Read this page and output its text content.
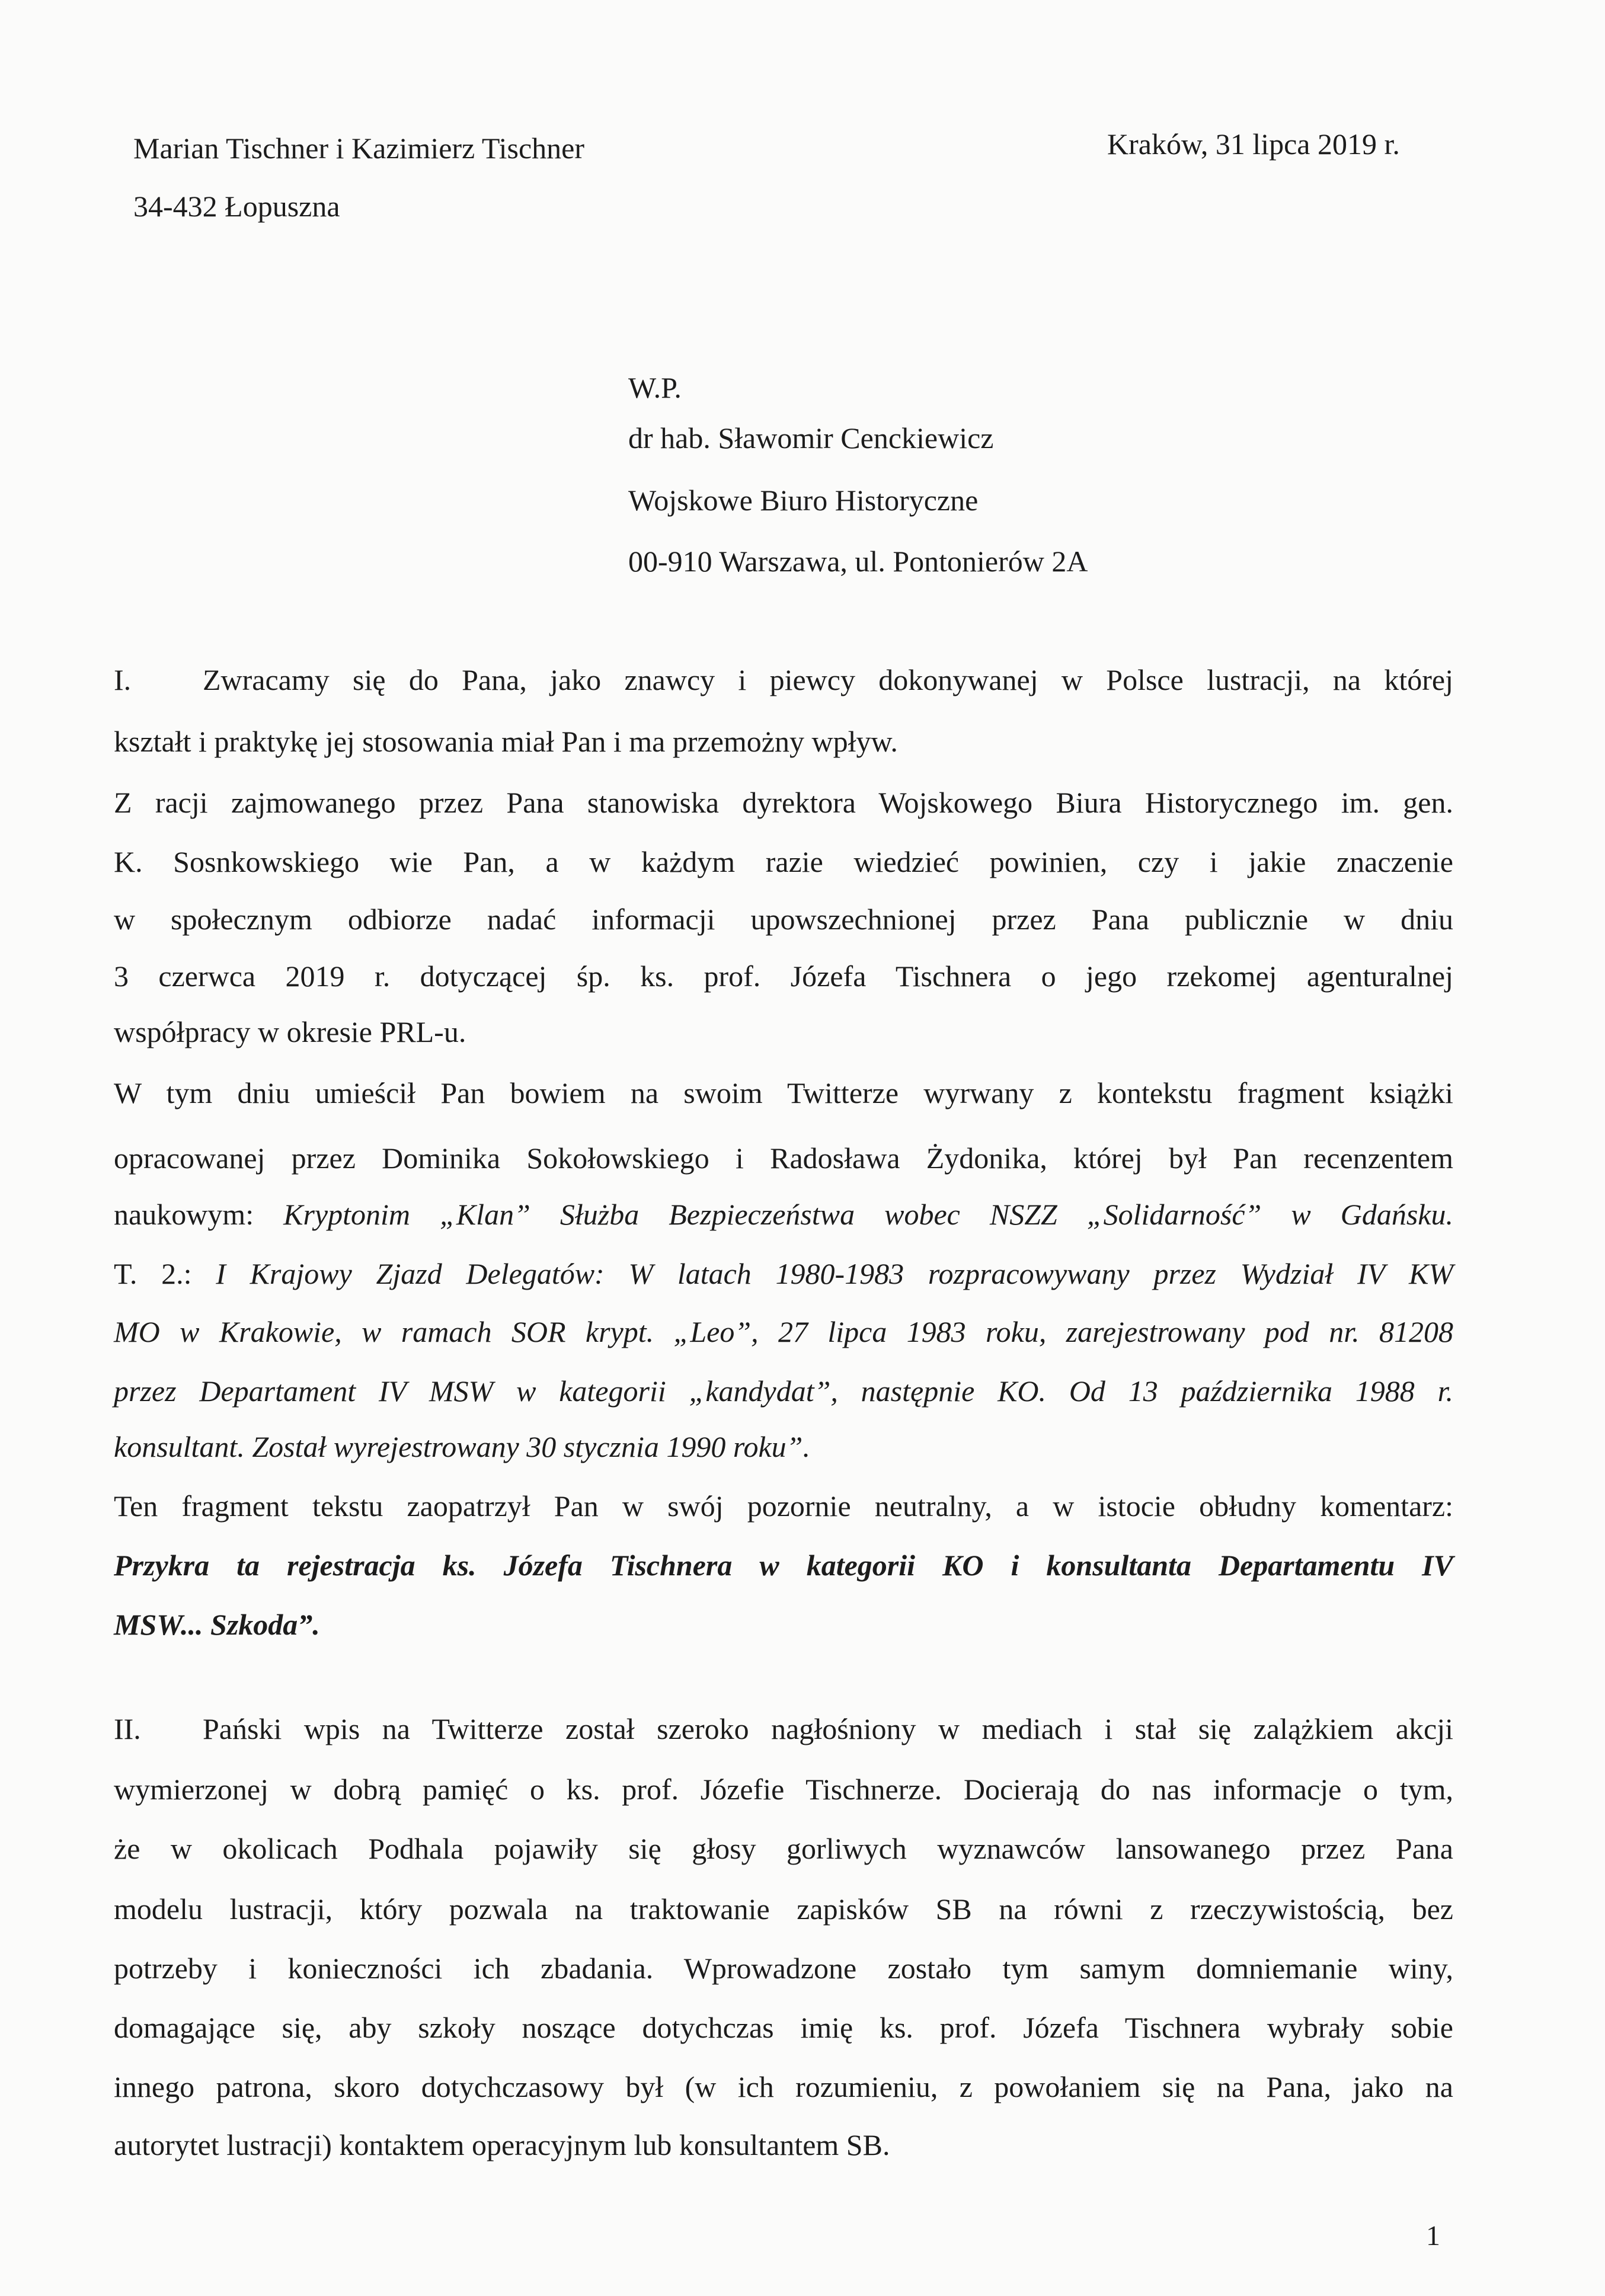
Marian Tischner i Kazimierz Tischner
34-432 Łopuszna
Kraków, 31 lipca 2019 r.
W.P.
dr hab. Sławomir Cenckiewicz
Wojskowe Biuro Historyczne
00-910 Warszawa, ul. Pontonierów 2A
I. Zwracamy się do Pana, jako znawcy i piewcy dokonywanej w Polsce lustracji, na której
kształt i praktykę jej stosowania miał Pan i ma przemożny wpływ.
Z racji zajmowanego przez Pana stanowiska dyrektora Wojskowego Biura Historycznego im. gen.
K. Sosnkowskiego wie Pan, a w każdym razie wiedzieć powinien, czy i jakie znaczenie
w społecznym odbiorze nadać informacji upowszechnionej przez Pana publicznie w dniu
3 czerwca 2019 r. dotyczącej śp. ks. prof. Józefa Tischnera o jego rzekomej agenturalnej
współpracy w okresie PRL-u.
W tym dniu umieścił Pan bowiem na swoim Twitterze wyrwany z kontekstu fragment książki
opracowanej przez Dominika Sokołowskiego i Radosława Żydonika, której był Pan recenzentem
naukowym: Kryptonim „Klan” Służba Bezpieczeństwa wobec NSZZ „Solidarność” w Gdańsku.
T. 2.: I Krajowy Zjazd Delegatów: W latach 1980-1983 rozpracowywany przez Wydział IV KW
MO w Krakowie, w ramach SOR krypt. „Leo”, 27 lipca 1983 roku, zarejestrowany pod nr. 81208
przez Departament IV MSW w kategorii „kandydat”, następnie KO. Od 13 października 1988 r.
konsultant. Został wyrejestrowany 30 stycznia 1990 roku”.
Ten fragment tekstu zaopatrzył Pan w swój pozornie neutralny, a w istocie obłudny komentarz:
Przykra ta rejestracja ks. Józefa Tischnera w kategorii KO i konsultanta Departamentu IV
MSW... Szkoda”.
II. Pański wpis na Twitterze został szeroko nagłośniony w mediach i stał się zalążkiem akcji
wymierzonej w dobrą pamięć o ks. prof. Józefie Tischnerze. Docierają do nas informacje o tym,
że w okolicach Podhala pojawiły się głosy gorliwych wyznawców lansowanego przez Pana
modelu lustracji, który pozwala na traktowanie zapisków SB na równi z rzeczywistością, bez
potrzeby i konieczności ich zbadania. Wprowadzone zostało tym samym domniemanie winy,
domagające się, aby szkoły noszące dotychczas imię ks. prof. Józefa Tischnera wybrały sobie
innego patrona, skoro dotychczasowy był (w ich rozumieniu, z powołaniem się na Pana, jako na
autorytet lustracji) kontaktem operacyjnym lub konsultantem SB.
1
